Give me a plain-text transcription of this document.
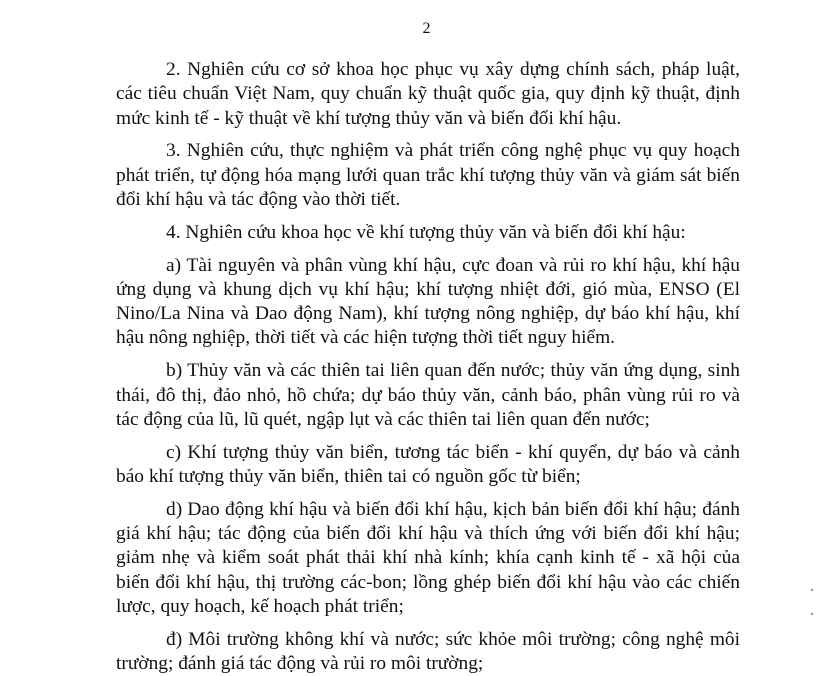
2

2. Nghiên cứu cơ sở khoa học phục vụ xây dựng chính sách, pháp luật, các tiêu chuẩn Việt Nam, quy chuẩn kỹ thuật quốc gia, quy định kỹ thuật, định mức kinh tế - kỹ thuật về khí tượng thủy văn và biến đổi khí hậu.

3. Nghiên cứu, thực nghiệm và phát triển công nghệ phục vụ quy hoạch phát triển, tự động hóa mạng lưới quan trắc khí tượng thủy văn và giám sát biến đổi khí hậu và tác động vào thời tiết.

4. Nghiên cứu khoa học về khí tượng thủy văn và biến đổi khí hậu:

a) Tài nguyên và phân vùng khí hậu, cực đoan và rủi ro khí hậu, khí hậu ứng dụng và khung dịch vụ khí hậu; khí tượng nhiệt đới, gió mùa, ENSO (El Nino/La Nina và Dao động Nam), khí tượng nông nghiệp, dự báo khí hậu, khí hậu nông nghiệp, thời tiết và các hiện tượng thời tiết nguy hiểm.

b) Thủy văn và các thiên tai liên quan đến nước; thủy văn ứng dụng, sinh thái, đô thị, đảo nhỏ, hồ chứa; dự báo thủy văn, cảnh báo, phân vùng rủi ro và tác động của lũ, lũ quét, ngập lụt và các thiên tai liên quan đến nước;

c) Khí tượng thủy văn biển, tương tác biển - khí quyển, dự báo và cảnh báo khí tượng thủy văn biển, thiên tai có nguồn gốc từ biển;

d) Dao động khí hậu và biến đổi khí hậu, kịch bản biến đổi khí hậu; đánh giá khí hậu; tác động của biến đổi khí hậu và thích ứng với biến đổi khí hậu; giảm nhẹ và kiểm soát phát thải khí nhà kính; khía cạnh kinh tế - xã hội của biến đổi khí hậu, thị trường các-bon; lồng ghép biến đổi khí hậu vào các chiến lược, quy hoạch, kế hoạch phát triển;

đ) Môi trường không khí và nước; sức khỏe môi trường; công nghệ môi trường; đánh giá tác động và rủi ro môi trường;
